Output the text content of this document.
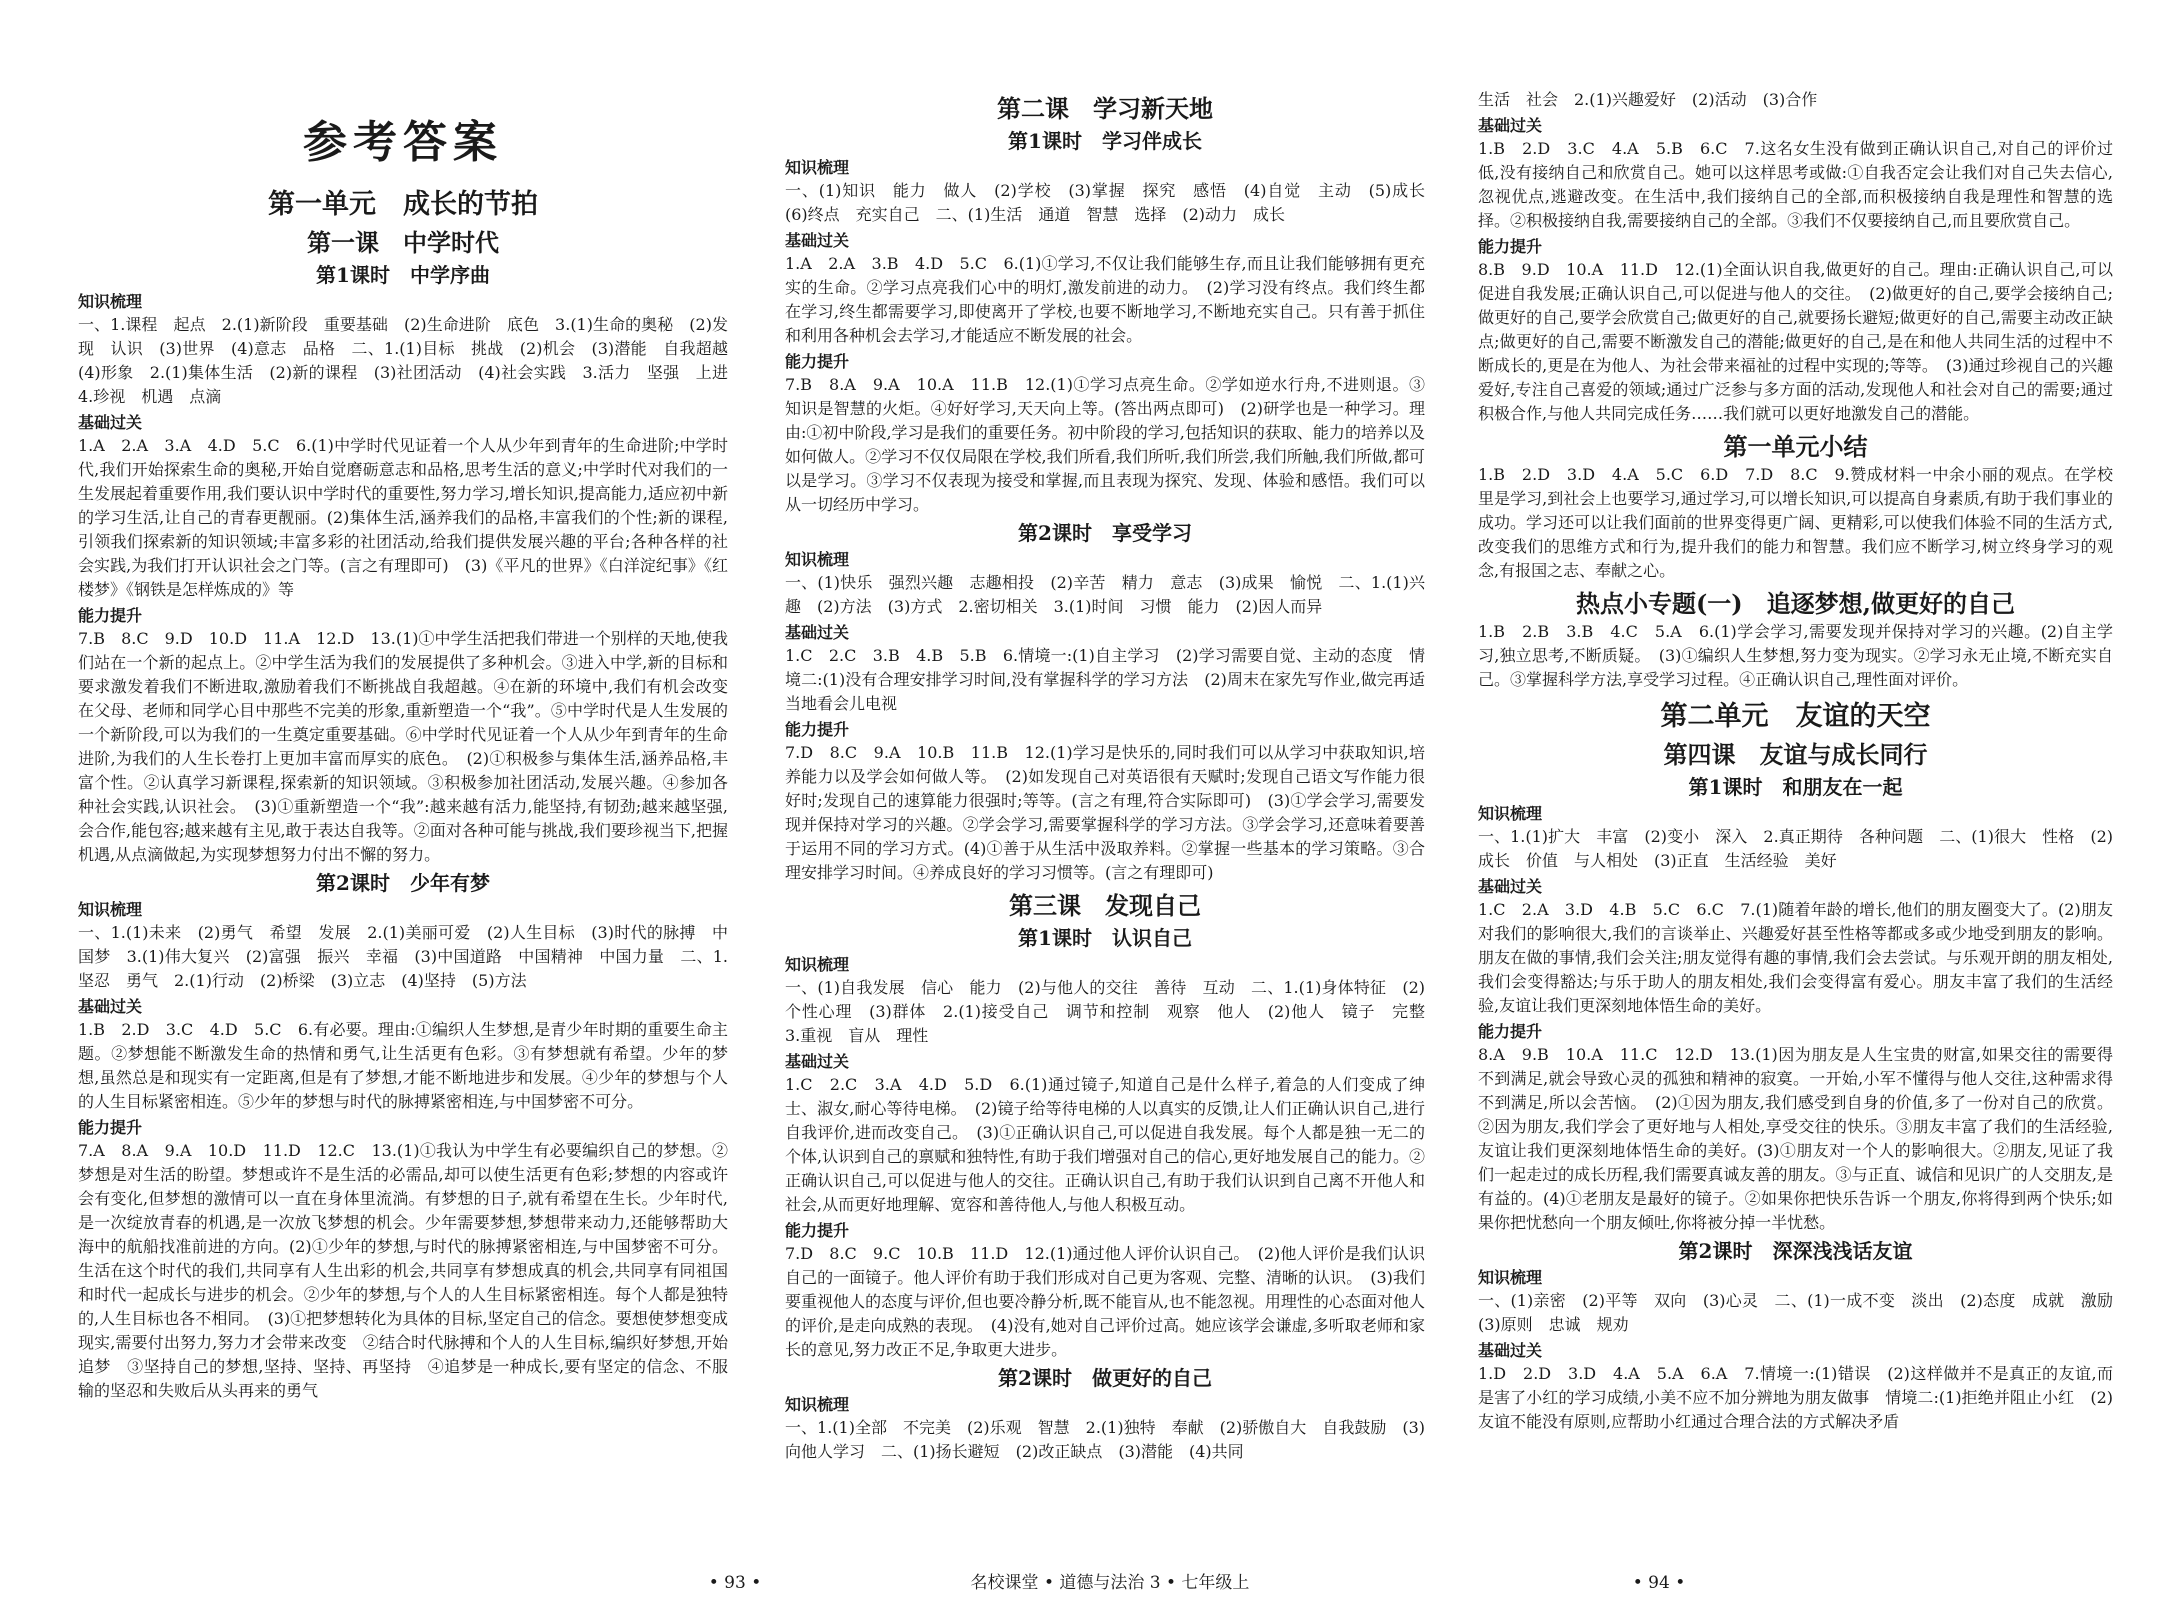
参考答案
第一单元　成长的节拍
第一课　中学时代
第1课时　中学序曲
知识梳理

一、1.课程　起点　2.(1)新阶段　重要基础　(2)生命进阶　底色　3.(1)生命的奥秘　(2)发现　认识　(3)世界　(4)意志　品格　二、1.(1)目标　挑战　(2)机会　(3)潜能　自我超越　(4)形象　2.(1)集体生活　(2)新的课程　(3)社团活动　(4)社会实践　3.活力　坚强　上进　4.珍视　机遇　点滴

基础过关

1.A　2.A　3.A　4.D　5.C　6.(1)中学时代见证着一个人从少年到青年的生命进阶;中学时代,我们开始探索生命的奥秘,开始自觉磨砺意志和品格,思考生活的意义;中学时代对我们的一生发展起着重要作用,我们要认识中学时代的重要性,努力学习,增长知识,提高能力,适应初中新的学习生活,让自己的青春更靓丽。(2)集体生活,涵养我们的品格,丰富我们的个性;新的课程,引领我们探索新的知识领域;丰富多彩的社团活动,给我们提供发展兴趣的平台;各种各样的社会实践,为我们打开认识社会之门等。(言之有理即可)　(3)《平凡的世界》《白洋淀纪事》《红楼梦》《钢铁是怎样炼成的》等

能力提升

7.B　8.C　9.D　10.D　11.A　12.D　13.(1)①中学生活把我们带进一个别样的天地,使我们站在一个新的起点上。②中学生活为我们的发展提供了多种机会。③进入中学,新的目标和要求激发着我们不断进取,激励着我们不断挑战自我超越。④在新的环境中,我们有机会改变在父母、老师和同学心目中那些不完美的形象,重新塑造一个“我”。⑤中学时代是人生发展的一个新阶段,可以为我们的一生奠定重要基础。⑥中学时代见证着一个人从少年到青年的生命进阶,为我们的人生长卷打上更加丰富而厚实的底色。　(2)①积极参与集体生活,涵养品格,丰富个性。②认真学习新课程,探索新的知识领域。③积极参加社团活动,发展兴趣。④参加各种社会实践,认识社会。　(3)①重新塑造一个“我”:越来越有活力,能坚持,有韧劲;越来越坚强,会合作,能包容;越来越有主见,敢于表达自我等。②面对各种可能与挑战,我们要珍视当下,把握机遇,从点滴做起,为实现梦想努力付出不懈的努力。

第2课时　少年有梦
知识梳理

一、1.(1)未来　(2)勇气　希望　发展　2.(1)美丽可爱　(2)人生目标　(3)时代的脉搏　中国梦　3.(1)伟大复兴　(2)富强　振兴　幸福　(3)中国道路　中国精神　中国力量　二、1.坚忍　勇气　2.(1)行动　(2)桥梁　(3)立志　(4)坚持　(5)方法

基础过关

1.B　2.D　3.C　4.D　5.C　6.有必要。理由:①编织人生梦想,是青少年时期的重要生命主题。②梦想能不断激发生命的热情和勇气,让生活更有色彩。③有梦想就有希望。少年的梦想,虽然总是和现实有一定距离,但是有了梦想,才能不断地进步和发展。④少年的梦想与个人的人生目标紧密相连。⑤少年的梦想与时代的脉搏紧密相连,与中国梦密不可分。

能力提升

7.A　8.A　9.A　10.D　11.D　12.C　13.(1)①我认为中学生有必要编织自己的梦想。②梦想是对生活的盼望。梦想或许不是生活的必需品,却可以使生活更有色彩;梦想的内容或许会有变化,但梦想的激情可以一直在身体里流淌。有梦想的日子,就有希望在生长。少年时代,是一次绽放青春的机遇,是一次放飞梦想的机会。少年需要梦想,梦想带来动力,还能够帮助大海中的航船找准前进的方向。(2)①少年的梦想,与时代的脉搏紧密相连,与中国梦密不可分。生活在这个时代的我们,共同享有人生出彩的机会,共同享有梦想成真的机会,共同享有同祖国和时代一起成长与进步的机会。②少年的梦想,与个人的人生目标紧密相连。每个人都是独特的,人生目标也各不相同。　(3)①把梦想转化为具体的目标,坚定自己的信念。要想使梦想变成现实,需要付出努力,努力才会带来改变　②结合时代脉搏和个人的人生目标,编织好梦想,开始追梦　③坚持自己的梦想,坚持、坚持、再坚持　④追梦是一种成长,要有坚定的信念、不服输的坚忍和失败后从头再来的勇气

第二课　学习新天地
第1课时　学习伴成长
知识梳理

一、(1)知识　能力　做人　(2)学校　(3)掌握　探究　感悟　(4)自觉　主动　(5)成长　(6)终点　充实自己　二、(1)生活　通道　智慧　选择　(2)动力　成长

基础过关

1.A　2.A　3.B　4.D　5.C　6.(1)①学习,不仅让我们能够生存,而且让我们能够拥有更充实的生命。②学习点亮我们心中的明灯,激发前进的动力。　(2)学习没有终点。我们终生都在学习,终生都需要学习,即使离开了学校,也要不断地学习,不断地充实自己。只有善于抓住和利用各种机会去学习,才能适应不断发展的社会。

能力提升

7.B　8.A　9.A　10.A　11.B　12.(1)①学习点亮生命。②学如逆水行舟,不进则退。③知识是智慧的火炬。④好好学习,天天向上等。(答出两点即可)　(2)研学也是一种学习。理由:①初中阶段,学习是我们的重要任务。初中阶段的学习,包括知识的获取、能力的培养以及如何做人。②学习不仅仅局限在学校,我们所看,我们所听,我们所尝,我们所触,我们所做,都可以是学习。③学习不仅表现为接受和掌握,而且表现为探究、发现、体验和感悟。我们可以从一切经历中学习。

第2课时　享受学习
知识梳理

一、(1)快乐　强烈兴趣　志趣相投　(2)辛苦　精力　意志　(3)成果　愉悦　二、1.(1)兴趣　(2)方法　(3)方式　2.密切相关　3.(1)时间　习惯　能力　(2)因人而异

基础过关

1.C　2.C　3.B　4.B　5.B　6.情境一:(1)自主学习　(2)学习需要自觉、主动的态度　情境二:(1)没有合理安排学习时间,没有掌握科学的学习方法　(2)周末在家先写作业,做完再适当地看会儿电视

能力提升

7.D　8.C　9.A　10.B　11.B　12.(1)学习是快乐的,同时我们可以从学习中获取知识,培养能力以及学会如何做人等。　(2)如发现自己对英语很有天赋时;发现自己语文写作能力很好时;发现自己的速算能力很强时;等等。(言之有理,符合实际即可)　(3)①学会学习,需要发现并保持对学习的兴趣。②学会学习,需要掌握科学的学习方法。③学会学习,还意味着要善于运用不同的学习方式。(4)①善于从生活中汲取养料。②掌握一些基本的学习策略。③合理安排学习时间。④养成良好的学习习惯等。(言之有理即可)

第三课　发现自己
第1课时　认识自己
知识梳理

一、(1)自我发展　信心　能力　(2)与他人的交往　善待　互动　二、1.(1)身体特征　(2)个性心理　(3)群体　2.(1)接受自己　调节和控制　观察　他人　(2)他人　镜子　完整　3.重视　盲从　理性

基础过关

1.C　2.C　3.A　4.D　5.D　6.(1)通过镜子,知道自己是什么样子,着急的人们变成了绅士、淑女,耐心等待电梯。　(2)镜子给等待电梯的人以真实的反馈,让人们正确认识自己,进行自我评价,进而改变自己。　(3)①正确认识自己,可以促进自我发展。每个人都是独一无二的个体,认识到自己的禀赋和独特性,有助于我们增强对自己的信心,更好地发展自己的能力。②正确认识自己,可以促进与他人的交往。正确认识自己,有助于我们认识到自己离不开他人和社会,从而更好地理解、宽容和善待他人,与他人积极互动。

能力提升

7.D　8.C　9.C　10.B　11.D　12.(1)通过他人评价认识自己。　(2)他人评价是我们认识自己的一面镜子。他人评价有助于我们形成对自己更为客观、完整、清晰的认识。　(3)我们要重视他人的态度与评价,但也要冷静分析,既不能盲从,也不能忽视。用理性的心态面对他人的评价,是走向成熟的表现。　(4)没有,她对自己评价过高。她应该学会谦虚,多听取老师和家长的意见,努力改正不足,争取更大进步。

第2课时　做更好的自己
知识梳理

一、1.(1)全部　不完美　(2)乐观　智慧　2.(1)独特　奉献　(2)骄傲自大　自我鼓励　(3)向他人学习　二、(1)扬长避短　(2)改正缺点　(3)潜能　(4)共同

生活　社会　2.(1)兴趣爱好　(2)活动　(3)合作

基础过关

1.B　2.D　3.C　4.A　5.B　6.C　7.这名女生没有做到正确认识自己,对自己的评价过低,没有接纳自己和欣赏自己。她可以这样思考或做:①自我否定会让我们对自己失去信心,忽视优点,逃避改变。在生活中,我们接纳自己的全部,而积极接纳自我是理性和智慧的选择。②积极接纳自我,需要接纳自己的全部。③我们不仅要接纳自己,而且要欣赏自己。

能力提升

8.B　9.D　10.A　11.D　12.(1)全面认识自我,做更好的自己。理由:正确认识自己,可以促进自我发展;正确认识自己,可以促进与他人的交往。　(2)做更好的自己,要学会接纳自己;做更好的自己,要学会欣赏自己;做更好的自己,就要扬长避短;做更好的自己,需要主动改正缺点;做更好的自己,需要不断激发自己的潜能;做更好的自己,是在和他人共同生活的过程中不断成长的,更是在为他人、为社会带来福祉的过程中实现的;等等。　(3)通过珍视自己的兴趣爱好,专注自己喜爱的领域;通过广泛参与多方面的活动,发现他人和社会对自己的需要;通过积极合作,与他人共同完成任务……我们就可以更好地激发自己的潜能。

第一单元小结

1.B　2.D　3.D　4.A　5.C　6.D　7.D　8.C　9.赞成材料一中余小丽的观点。在学校里是学习,到社会上也要学习,通过学习,可以增长知识,可以提高自身素质,有助于我们事业的成功。学习还可以让我们面前的世界变得更广阔、更精彩,可以使我们体验不同的生活方式,改变我们的思维方式和行为,提升我们的能力和智慧。我们应不断学习,树立终身学习的观念,有报国之志、奉献之心。

热点小专题(一)　追逐梦想,做更好的自己

1.B　2.B　3.B　4.C　5.A　6.(1)学会学习,需要发现并保持对学习的兴趣。(2)自主学习,独立思考,不断质疑。　(3)①编织人生梦想,努力变为现实。②学习永无止境,不断充实自己。③掌握科学方法,享受学习过程。④正确认识自己,理性面对评价。

第二单元　友谊的天空
第四课　友谊与成长同行
第1课时　和朋友在一起
知识梳理

一、1.(1)扩大　丰富　(2)变小　深入　2.真正期待　各种问题　二、(1)很大　性格　(2)成长　价值　与人相处　(3)正直　生活经验　美好

基础过关

1.C　2.A　3.D　4.B　5.C　6.C　7.(1)随着年龄的增长,他们的朋友圈变大了。(2)朋友对我们的影响很大,我们的言谈举止、兴趣爱好甚至性格等都或多或少地受到朋友的影响。朋友在做的事情,我们会关注;朋友觉得有趣的事情,我们会去尝试。与乐观开朗的朋友相处,我们会变得豁达;与乐于助人的朋友相处,我们会变得富有爱心。朋友丰富了我们的生活经验,友谊让我们更深刻地体悟生命的美好。

能力提升

8.A　9.B　10.A　11.C　12.D　13.(1)因为朋友是人生宝贵的财富,如果交往的需要得不到满足,就会导致心灵的孤独和精神的寂寞。一开始,小军不懂得与他人交往,这种需求得不到满足,所以会苦恼。　(2)①因为朋友,我们感受到自身的价值,多了一份对自己的欣赏。②因为朋友,我们学会了更好地与人相处,享受交往的快乐。③朋友丰富了我们的生活经验,友谊让我们更深刻地体悟生命的美好。(3)①朋友对一个人的影响很大。②朋友,见证了我们一起走过的成长历程,我们需要真诚友善的朋友。③与正直、诚信和见识广的人交朋友,是有益的。(4)①老朋友是最好的镜子。②如果你把快乐告诉一个朋友,你将得到两个快乐;如果你把忧愁向一个朋友倾吐,你将被分掉一半忧愁。

第2课时　深深浅浅话友谊
知识梳理

一、(1)亲密　(2)平等　双向　(3)心灵　二、(1)一成不变　淡出　(2)态度　成就　激励　(3)原则　忠诚　规劝

基础过关

1.D　2.D　3.D　4.A　5.A　6.A　7.情境一:(1)错误　(2)这样做并不是真正的友谊,而是害了小红的学习成绩,小美不应不加分辨地为朋友做事　情境二:(1)拒绝并阻止小红　(2)友谊不能没有原则,应帮助小红通过合理合法的方式解决矛盾

• 93 •	名校课堂 • 道德与法治 3 • 七年级上	• 94 •
